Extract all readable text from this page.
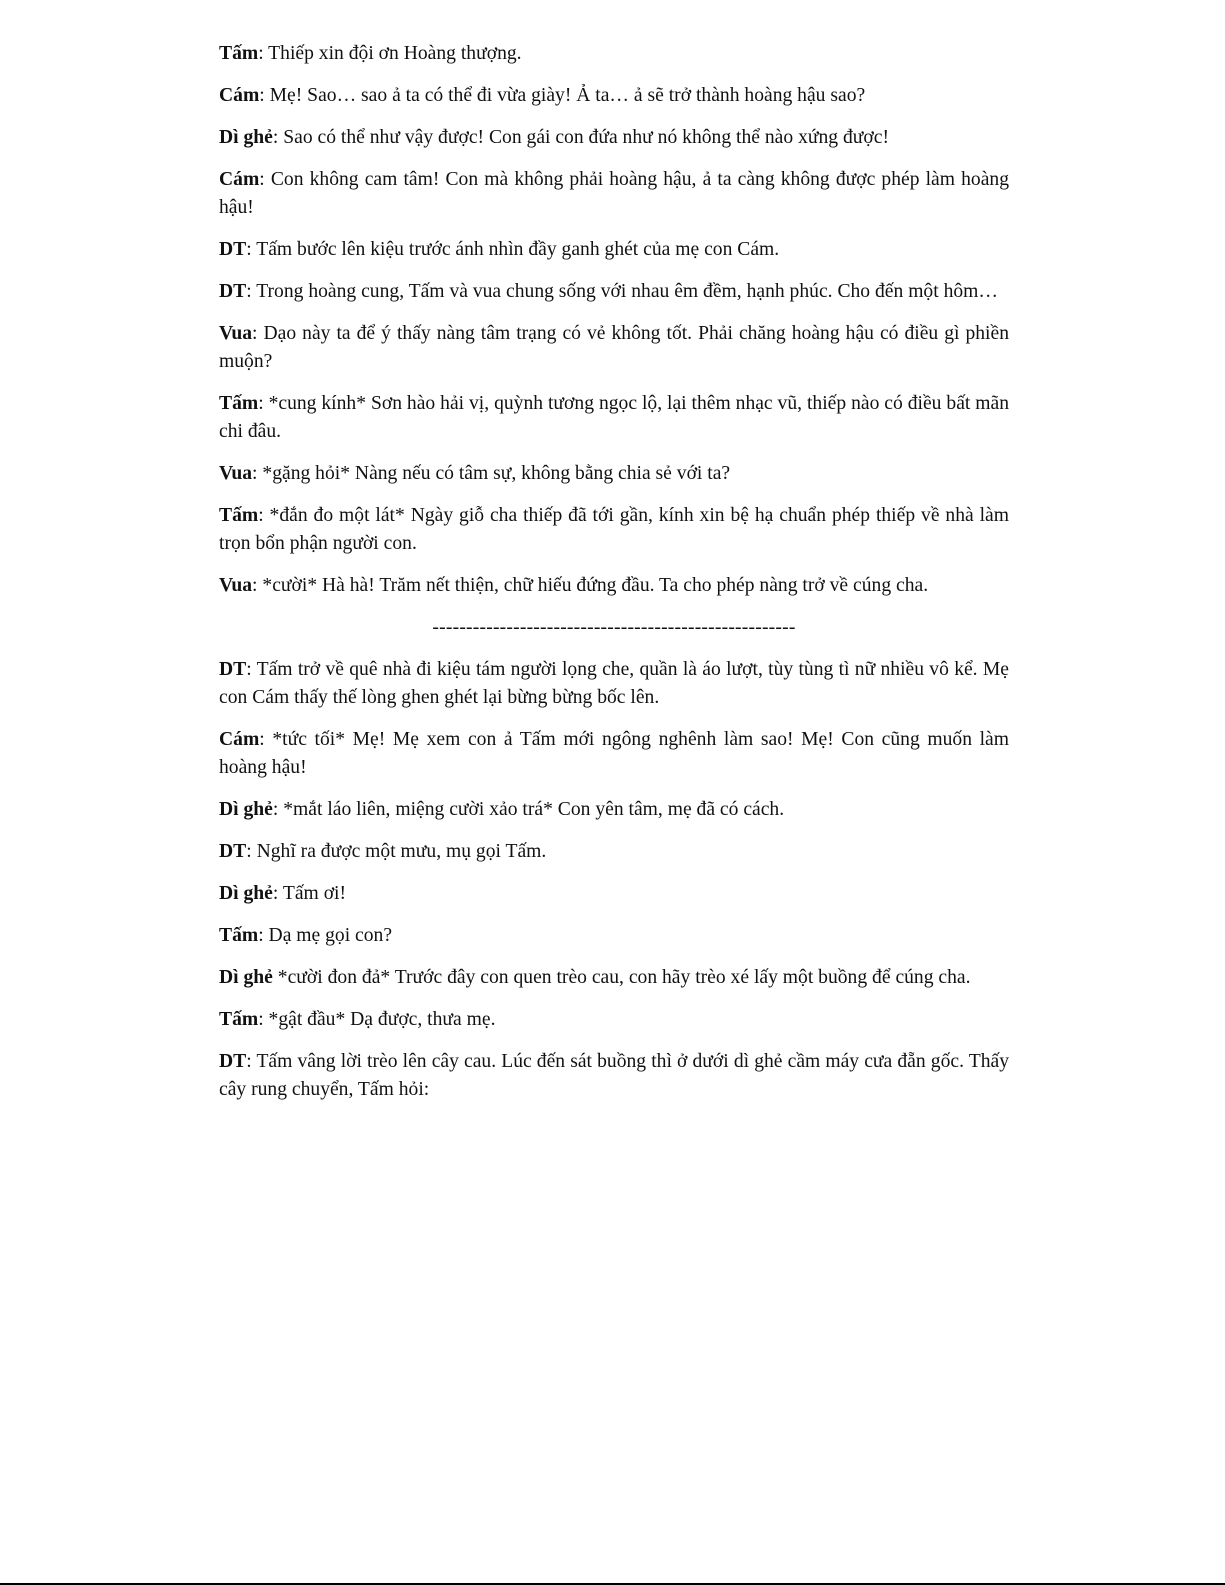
Tấm: Thiếp xin đội ơn Hoàng thượng.

Cám: Mẹ! Sao… sao ả ta có thể đi vừa giày! Ả ta… ả sẽ trở thành hoàng hậu sao?

Dì ghẻ: Sao có thể như vậy được! Con gái con đứa như nó không thể nào xứng được!

Cám: Con không cam tâm! Con mà không phải hoàng hậu, ả ta càng không được phép làm hoàng hậu!

DT: Tấm bước lên kiệu trước ánh nhìn đầy ganh ghét của mẹ con Cám.

DT: Trong hoàng cung, Tấm và vua chung sống với nhau êm đềm, hạnh phúc. Cho đến một hôm…

Vua: Dạo này ta để ý thấy nàng tâm trạng có vẻ không tốt. Phải chăng hoàng hậu có điều gì phiền muộn?

Tấm: *cung kính* Sơn hào hải vị, quỳnh tương ngọc lộ, lại thêm nhạc vũ, thiếp nào có điều bất mãn chi đâu.

Vua: *gặng hỏi* Nàng nếu có tâm sự, không bằng chia sẻ với ta?

Tấm: *đắn đo một lát* Ngày giỗ cha thiếp đã tới gần, kính xin bệ hạ chuẩn phép thiếp về nhà làm trọn bổn phận người con.

Vua: *cười* Hà hà! Trăm nết thiện, chữ hiếu đứng đầu. Ta cho phép nàng trở về cúng cha.

------------------------------------------------------

DT: Tấm trở về quê nhà đi kiệu tám người lọng che, quần là áo lượt, tùy tùng tì nữ nhiều vô kể. Mẹ con Cám thấy thế lòng ghen ghét lại bừng bừng bốc lên.

Cám: *tức tối* Mẹ! Mẹ xem con ả Tấm mới ngông nghênh làm sao! Mẹ! Con cũng muốn làm hoàng hậu!

Dì ghẻ: *mắt láo liên, miệng cười xảo trá* Con yên tâm, mẹ đã có cách.

DT: Nghĩ ra được một mưu, mụ gọi Tấm.

Dì ghẻ: Tấm ơi!

Tấm: Dạ mẹ gọi con?

Dì ghẻ *cười đon đả* Trước đây con quen trèo cau, con hãy trèo xé lấy một buồng để cúng cha.

Tấm: *gật đầu* Dạ được, thưa mẹ.

DT: Tấm vâng lời trèo lên cây cau. Lúc đến sát buồng thì ở dưới dì ghẻ cầm máy cưa đẵn gốc. Thấy cây rung chuyển, Tấm hỏi:
